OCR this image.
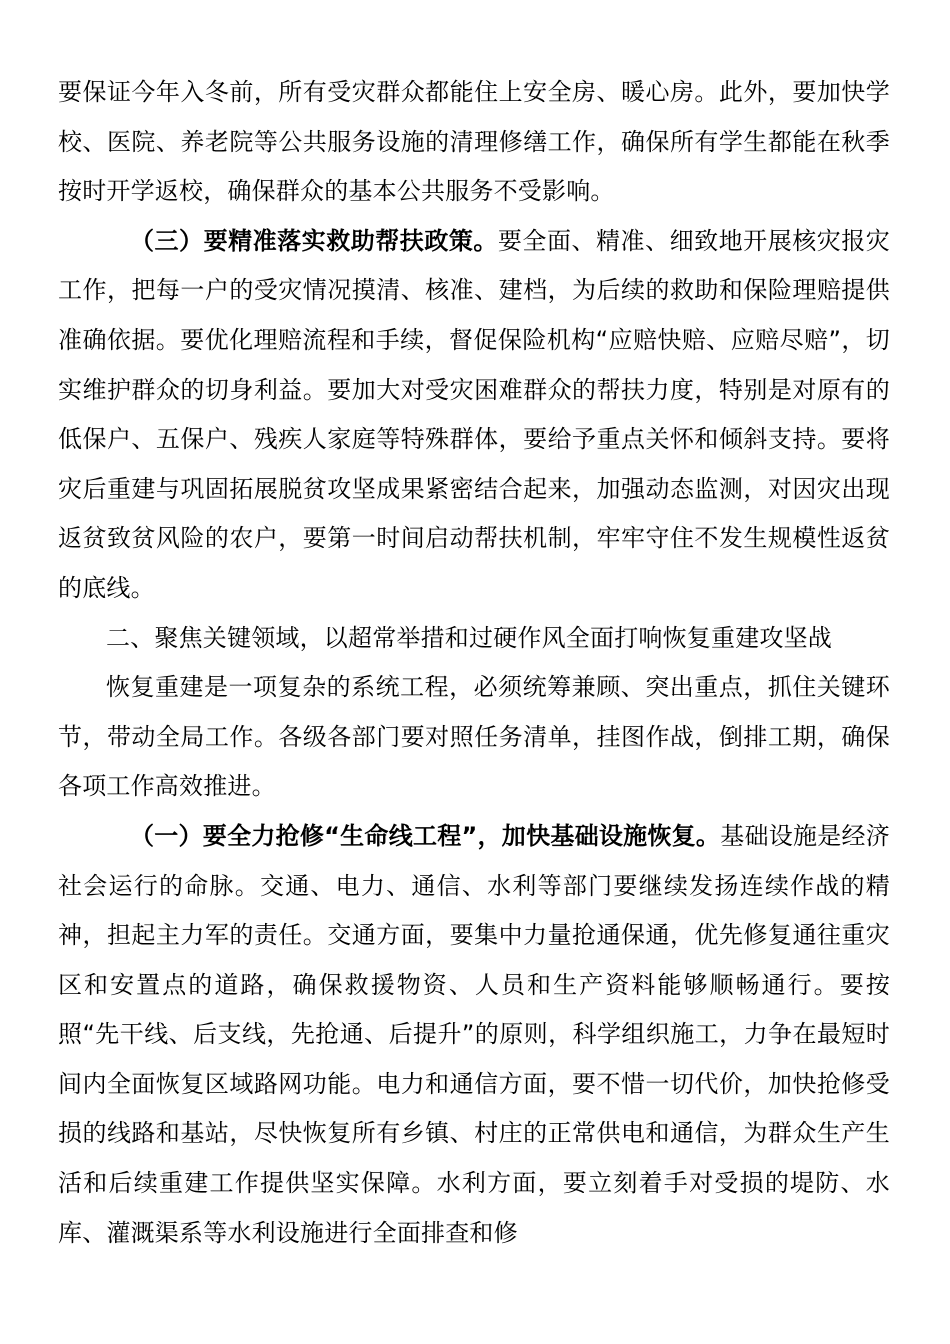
要保证今年入冬前，所有受灾群众都能住上安全房、暖心房。此外，要加快学校、医院、养老院等公共服务设施的清理修缮工作，确保所有学生都能在秋季按时开学返校，确保群众的基本公共服务不受影响。

（三）要精准落实救助帮扶政策。要全面、精准、细致地开展核灾报灾工作，把每一户的受灾情况摸清、核准、建档，为后续的救助和保险理赔提供准确依据。要优化理赔流程和手续，督促保险机构“应赔快赔、应赔尽赔”，切实维护群众的切身利益。要加大对受灾困难群众的帮扶力度，特别是对原有的低保户、五保户、残疾人家庭等特殊群体，要给予重点关怀和倾斜支持。要将灾后重建与巩固拓展脱贫攻坚成果紧密结合起来，加强动态监测，对因灾出现返贫致贫风险的农户，要第一时间启动帮扶机制，牢牢守住不发生规模性返贫的底线。

二、聚焦关键领域，以超常举措和过硬作风全面打响恢复重建攻坚战

恢复重建是一项复杂的系统工程，必须统筹兼顾、突出重点，抓住关键环节，带动全局工作。各级各部门要对照任务清单，挂图作战，倒排工期，确保各项工作高效推进。

（一）要全力抢修“生命线工程”，加快基础设施恢复。基础设施是经济社会运行的命脉。交通、电力、通信、水利等部门要继续发扬连续作战的精神，担起主力军的责任。交通方面，要集中力量抢通保通，优先修复通往重灾区和安置点的道路，确保救援物资、人员和生产资料能够顺畅通行。要按照“先干线、后支线，先抢通、后提升”的原则，科学组织施工，力争在最短时间内全面恢复区域路网功能。电力和通信方面，要不惜一切代价，加快抢修受损的线路和基站，尽快恢复所有乡镇、村庄的正常供电和通信，为群众生产生活和后续重建工作提供坚实保障。水利方面，要立刻着手对受损的堤防、水库、灌溉渠系等水利设施进行全面排查和修
